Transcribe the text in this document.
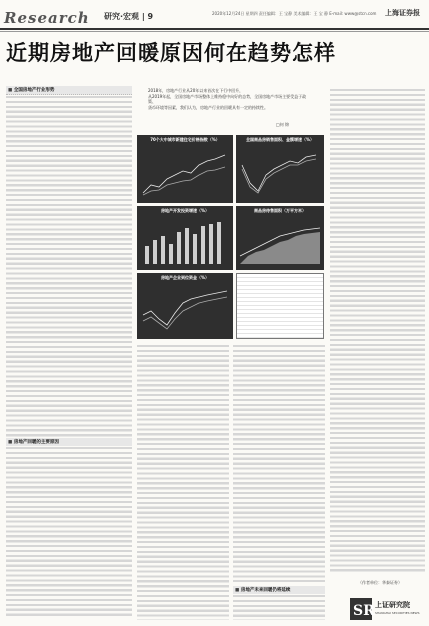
Research 研究·宏观 | 9	2020年12月24日 星期四 责任编辑：王 宝静 美术编辑：王 宝 静 E-mail: www@stcn.com 上海证券报
近期房地产回暖原因何在趋势怎样

2018年，房地产行业从20年以来首次在下行中回升，

从2019年起，全国房地产市场整体上维持稳中向好的态势，全国房地产市场主要受益于政策、

货币环境等因素，我们认为，房地产行业的回暖具有一定的持续性。

□何 锦
■ 全国房地产行业形势
■ 房地产回暖的主要原因
70个大中城市新建住宅价格指数（%）	全国商品房销售面积、金额增速（%）
房地产开发投资增速（%）	商品房待售面积（万平方米）
房地产企业到位资金（%）
■ 房地产未来回暖仍将延续
（作者单位：华泰证券）
SR 上证研究院
SHANGHAI SECURITIES NEWS
